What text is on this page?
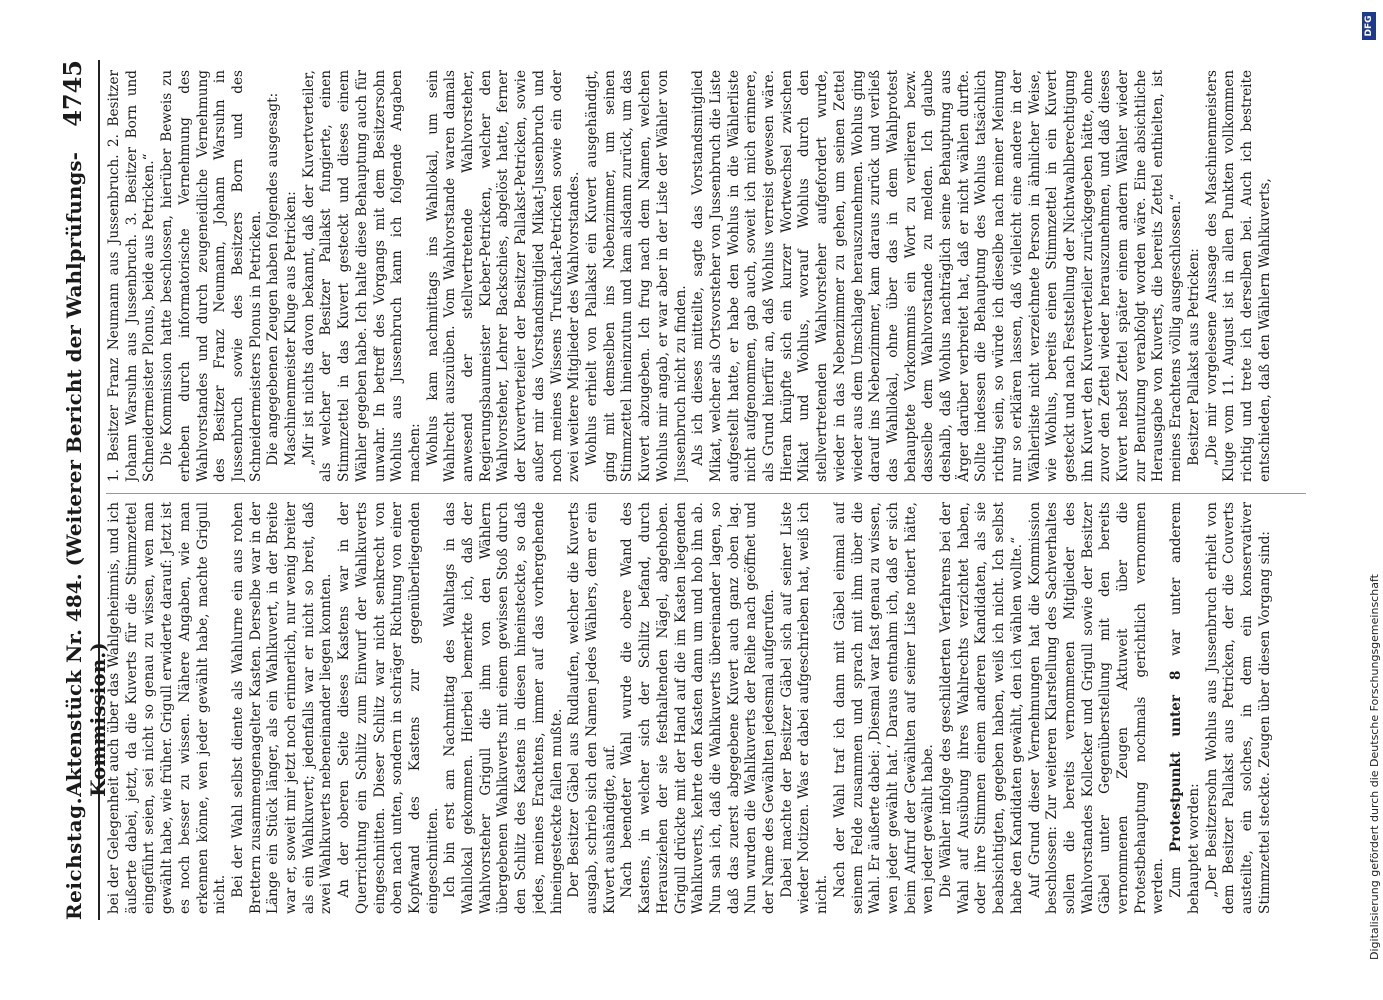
Reichstag.
Aktenstück Nr. 484. (Weiterer Bericht der Wahlprüfungs-Kommission.)
4745

bei der Gelegenheit auch über das Wahlgeheimnis, und ich äußerte dabei, jetzt, da die Kuverts für die Stimmzettel eingeführt seien, sei nicht so genau zu wissen, wen man gewählt habe, wie früher. Grigull erwiderte darauf: Jetzt ist es noch besser zu wissen. Nähere Angaben, wie man erkennen könne, wen jeder gewählt habe, machte Grigull nicht. Bei der Wahl selbst diente als Wahlurne ein aus rohen Brettern zusammengenagelter Kasten. Derselbe war in der Länge ein Stück länger, als ein Wahlkuvert, in der Breite war er, soweit mir jetzt noch erinnerlich, nur wenig breiter als ein Wahlkuvert; jedenfalls war er nicht so breit, daß zwei Wahlkuverts nebeneinander liegen konnten. An der oberen Seite dieses Kastens war in der Querrichtung ein Schlitz zum Einwurf der Wahlkuverts eingeschnitten. Dieser Schlitz war nicht senkrecht von oben nach unten, sondern in schräger Richtung von einer Kopfwand des Kastens zur gegenüberliegenden eingeschnitten. Ich bin erst am Nachmittag des Wahltags in das Wahllokal gekommen. Hierbei bemerkte ich, daß der Wahlvorsteher Grigull die ihm von den Wählern übergebenen Wahlkuverts mit einem gewissen Stoß durch den Schlitz des Kastens in diesen hineinsteckte, so daß jedes, meines Erachtens, immer auf das vorhergehende hineingesteckte fallen mußte. Der Besitzer Gäbel aus Rudlaufen, welcher die Kuverts ausgab, schrieb sich den Namen jedes Wählers, dem er ein Kuvert aushändigte, auf. Nach beendeter Wahl wurde die obere Wand des Kastens, in welcher sich der Schlitz befand, durch Herausziehen der sie festhaltenden Nägel, abgehoben. Grigull drückte mit der Hand auf die im Kasten liegenden Wahlkuverts, kehrte den Kasten dann um und hob ihn ab. Nun sah ich, daß die Wahlkuverts übereinander lagen, so daß das zuerst abgegebene Kuvert auch ganz oben lag. Nun wurden die Wahlkuverts der Reihe nach geöffnet und der Name des Gewählten jedesmal aufgerufen. Dabei machte der Besitzer Gäbel sich auf seiner Liste wieder Notizen. Was er dabei aufgeschrieben hat, weiß ich nicht. Nach der Wahl traf ich dann mit Gäbel einmal auf seinem Felde zusammen und sprach mit ihm über die Wahl. Er äußerte dabei: ‚Diesmal war fast genau zu wissen, wen jeder gewählt hat.‘ Daraus entnahm ich, daß er sich beim Aufruf der Gewählten auf seiner Liste notiert hätte, wen jeder gewählt habe. Die Wähler infolge des geschilderten Verfahrens bei der Wahl auf Ausübung ihres Wahlrechts verzichtet haben, oder ihre Stimmen einem anderen Kandidaten, als sie beabsichtigten, gegeben haben, weiß ich nicht. Ich selbst habe den Kandidaten gewählt, den ich wählen wollte.“ Auf Grund dieser Vernehmungen hat die Kommission beschlossen: Zur weiteren Klarstellung des Sachverhaltes sollen die bereits vernommenen Mitglieder des Wahlvorstandes Kollecker und Grigull sowie der Besitzer Gäbel unter Gegenüberstellung mit den bereits vernommenen Zeugen Aktuweit über die Protestbehauptung nochmals gerichtlich vernommen werden. Zum Protestpunkt unter 8 war unter anderem behauptet worden: „Der Besitzersohn Wohlus aus Jussenbruch erhielt von dem Besitzer Pallakst aus Petricken, der die Couverts austeilte, ein solches, in dem ein konservativer Stimmzettel steckte. Zeugen über diesen Vorgang sind:

1. Besitzer Franz Neumann aus Jussenbruch. 2. Besitzer Johann Warsuhn aus Jussenbruch. 3. Besitzer Born und Schneidermeister Plonus, beide aus Petricken.“ Die Kommission hatte beschlossen, hierüber Beweis zu erheben durch informatorische Vernehmung des Wahlvorstandes und durch zeugeneidliche Vernehmung des Besitzer Franz Neumann, Johann Warsuhn in Jussenbruch sowie des Besitzers Born und des Schneidermeisters Plonus in Petricken. Die angegebenen Zeugen haben folgendes ausgesagt: Maschinenmeister Kluge aus Petricken: „Mir ist nichts davon bekannt, daß der Kuvertverteiler, als welcher der Besitzer Pallakst fungierte, einen Stimmzettel in das Kuvert gesteckt und dieses einem Wähler gegeben habe. Ich halte diese Behauptung auch für unwahr. In betreff des Vorgangs mit dem Besitzersohn Wohlus aus Jussenbruch kann ich folgende Angaben machen: Wohlus kam nachmittags ins Wahllokal, um sein Wahlrecht auszuüben. Vom Wahlvorstande waren damals anwesend der stellvertretende Wahlvorsteher, Regierungsbaumeister Kleber-Petricken, welcher den Wahlvorsteher, Lehrer Backschies, abgelöst hatte, ferner der Kuvertverteiler der Besitzer Pallakst-Petricken, sowie außer mir das Vorstandsmitglied Mikat-Jussenbruch und noch meines Wissens Trufschat-Petricken sowie ein oder zwei weitere Mitglieder des Wahlvorstandes. Wohlus erhielt von Pallakst ein Kuvert ausgehändigt, ging mit demselben ins Nebenzimmer, um seinen Stimmzettel hineinzutun und kam alsdann zurück, um das Kuvert abzugeben. Ich frug nach dem Namen, welchen Wohlus mir angab, er war aber in der Liste der Wähler von Jussenbruch nicht zu finden. Als ich dieses mitteilte, sagte das Vorstandsmitglied Mikat, welcher als Ortsvorsteher von Jussenbruch die Liste aufgestellt hatte, er habe den Wohlus in die Wählerliste nicht aufgenommen, gab auch, soweit ich mich erinnere, als Grund hierfür an, daß Wohlus verreist gewesen wäre. Hieran knüpfte sich ein kurzer Wortwechsel zwischen Mikat und Wohlus, worauf Wohlus durch den stellvertretenden Wahlvorsteher aufgefordert wurde, wieder in das Nebenzimmer zu gehen, um seinen Zettel wieder aus dem Umschlage herauszunehmen. Wohlus ging darauf ins Nebenzimmer, kam daraus zurück und verließ das Wahllokal, ohne über das in dem Wahlprotest behauptete Vorkommnis ein Wort zu verlieren bezw. dasselbe dem Wahlvorstande zu melden. Ich glaube deshalb, daß Wohlus nachträglich seine Behauptung aus Ärger darüber verbreitet hat, daß er nicht wählen durfte. Sollte indessen die Behauptung des Wohlus tatsächlich richtig sein, so würde ich dieselbe nach meiner Meinung nur so erklären lassen, daß vielleicht eine andere in der Wählerliste nicht verzeichnete Person in ähnlicher Weise, wie Wohlus, bereits einen Stimmzettel in ein Kuvert gesteckt und nach Feststellung der Nichtwahlberechtigung ihn Kuvert den Kuvertverteiler zurückgegeben hätte, ohne zuvor den Zettel wieder herauszunehmen, und daß dieses Kuvert nebst Zettel später einem andern Wähler wieder zur Benutzung verabfolgt worden wäre. Eine absichtliche Herausgabe von Kuverts, die bereits Zettel enthielten, ist meines Erachtens völlig ausgeschlossen.“ Besitzer Pallakst aus Petricken: „Die mir vorgelesene Aussage des Maschinenmeisters Kluge vom 11. August ist in allen Punkten vollkommen richtig und trete ich derselben bei. Auch ich bestreite entschieden, daß den Wählern Wahlkuverts,

Digitalisierung gefördert durch die Deutsche Forschungsgemeinschaft
DFG
